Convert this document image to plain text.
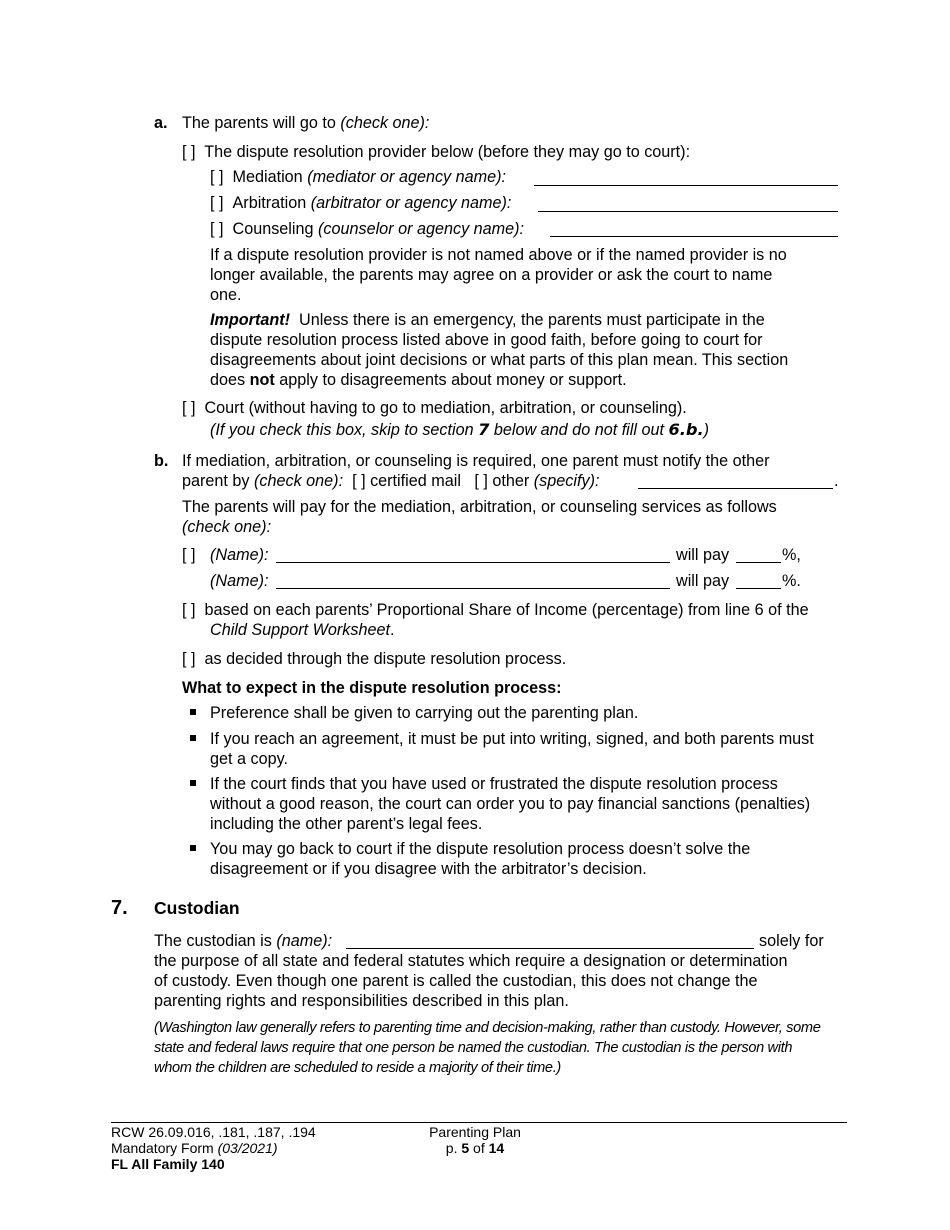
a. The parents will go to (check one):
[ ]  The dispute resolution provider below (before they may go to court):
[ ] Mediation (mediator or agency name):
[ ] Arbitration (arbitrator or agency name):
[ ] Counseling (counselor or agency name):
If a dispute resolution provider is not named above or if the named provider is no
longer available, the parents may agree on a provider or ask the court to name
one.
Important!  Unless there is an emergency, the parents must participate in the
dispute resolution process listed above in good faith, before going to court for
disagreements about joint decisions or what parts of this plan mean. This section
does not apply to disagreements about money or support.
[ ]  Court (without having to go to mediation, arbitration, or counseling).
(If you check this box, skip to section 7 below and do not fill out 6.b.)
b. If mediation, arbitration, or counseling is required, one parent must notify the other
parent by (check one):  [ ] certified mail   [ ] other (specify):	.
The parents will pay for the mediation, arbitration, or counseling services as follows
(check one):
[ ] (Name):	will pay	%,
(Name):	will pay	%.
[ ]  based on each parents’ Proportional Share of Income (percentage) from line 6 of the
Child Support Worksheet.
[ ]  as decided through the dispute resolution process.
What to expect in the dispute resolution process:
Preference shall be given to carrying out the parenting plan.
If you reach an agreement, it must be put into writing, signed, and both parents must
get a copy.
If the court finds that you have used or frustrated the dispute resolution process
without a good reason, the court can order you to pay financial sanctions (penalties)
including the other parent’s legal fees.
You may go back to court if the dispute resolution process doesn’t solve the
disagreement or if you disagree with the arbitrator’s decision.
7. Custodian
The custodian is (name):	solely for
the purpose of all state and federal statutes which require a designation or determination
of custody. Even though one parent is called the custodian, this does not change the
parenting rights and responsibilities described in this plan.
(Washington law generally refers to parenting time and decision-making, rather than custody. However, some
state and federal laws require that one person be named the custodian. The custodian is the person with
whom the children are scheduled to reside a majority of their time.)
RCW 26.09.016, .181, .187, .194
Mandatory Form (03/2021)
FL All Family 140
Parenting Plan
p. 5 of 14
